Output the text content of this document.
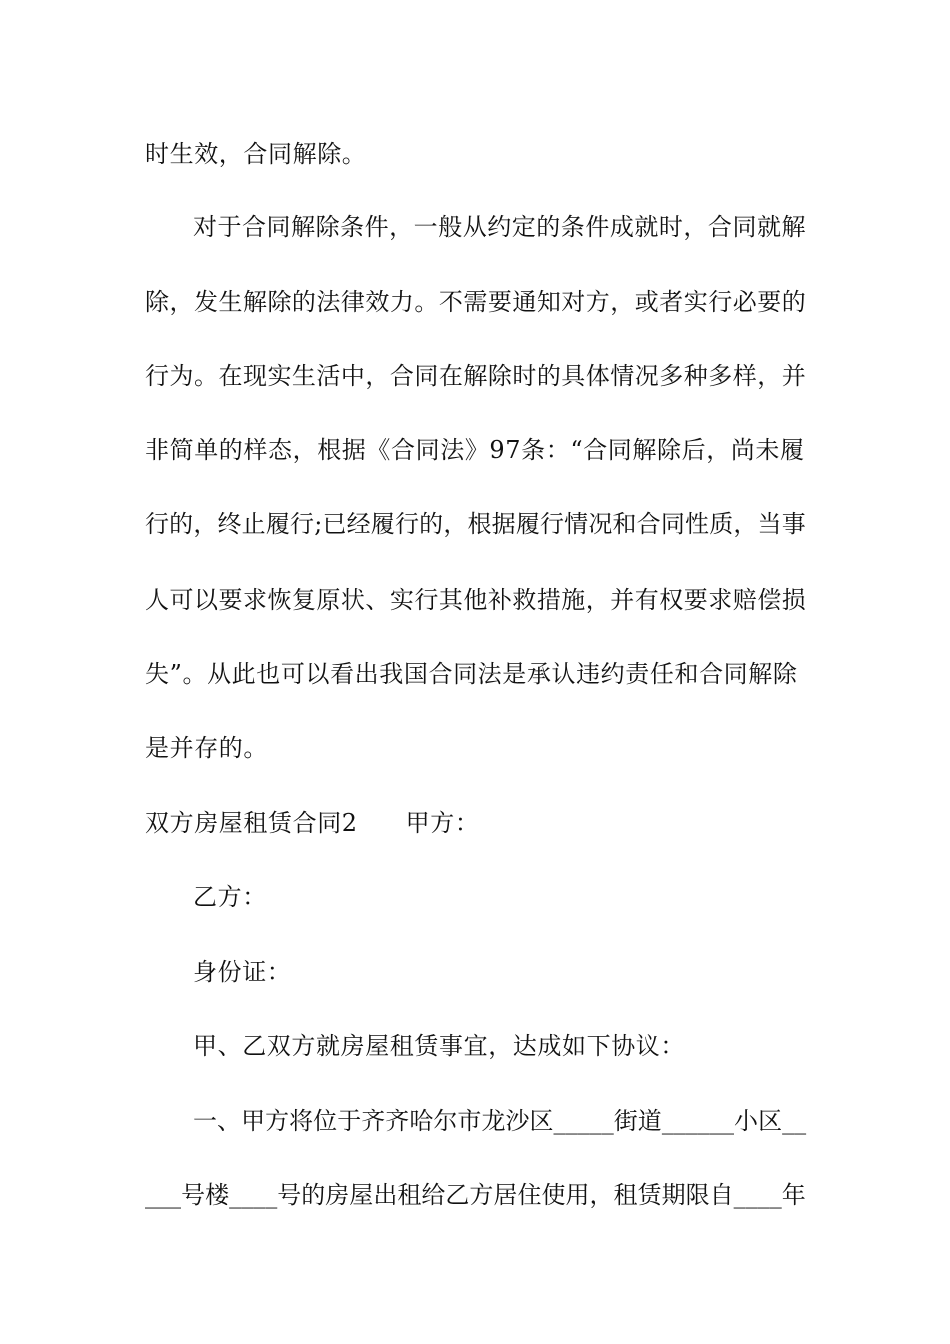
时生效，合同解除。
对于合同解除条件，一般从约定的条件成就时，合同就解
除，发生解除的法律效力。不需要通知对方，或者实行必要的
行为。在现实生活中，合同在解除时的具体情况多种多样，并
非简单的样态，根据《合同法》97条：“合同解除后，尚未履
行的，终止履行;已经履行的，根据履行情况和合同性质，当事
人可以要求恢复原状、实行其他补救措施，并有权要求赔偿损
失”。从此也可以看出我国合同法是承认违约责任和合同解除
是并存的。
双方房屋租赁合同2 甲方：
乙方：
身份证：
甲、乙双方就房屋租赁事宜，达成如下协议：
一、甲方将位于齐齐哈尔市龙沙区_____街道______小区__
___号楼____号的房屋出租给乙方居住使用，租赁期限自____年
